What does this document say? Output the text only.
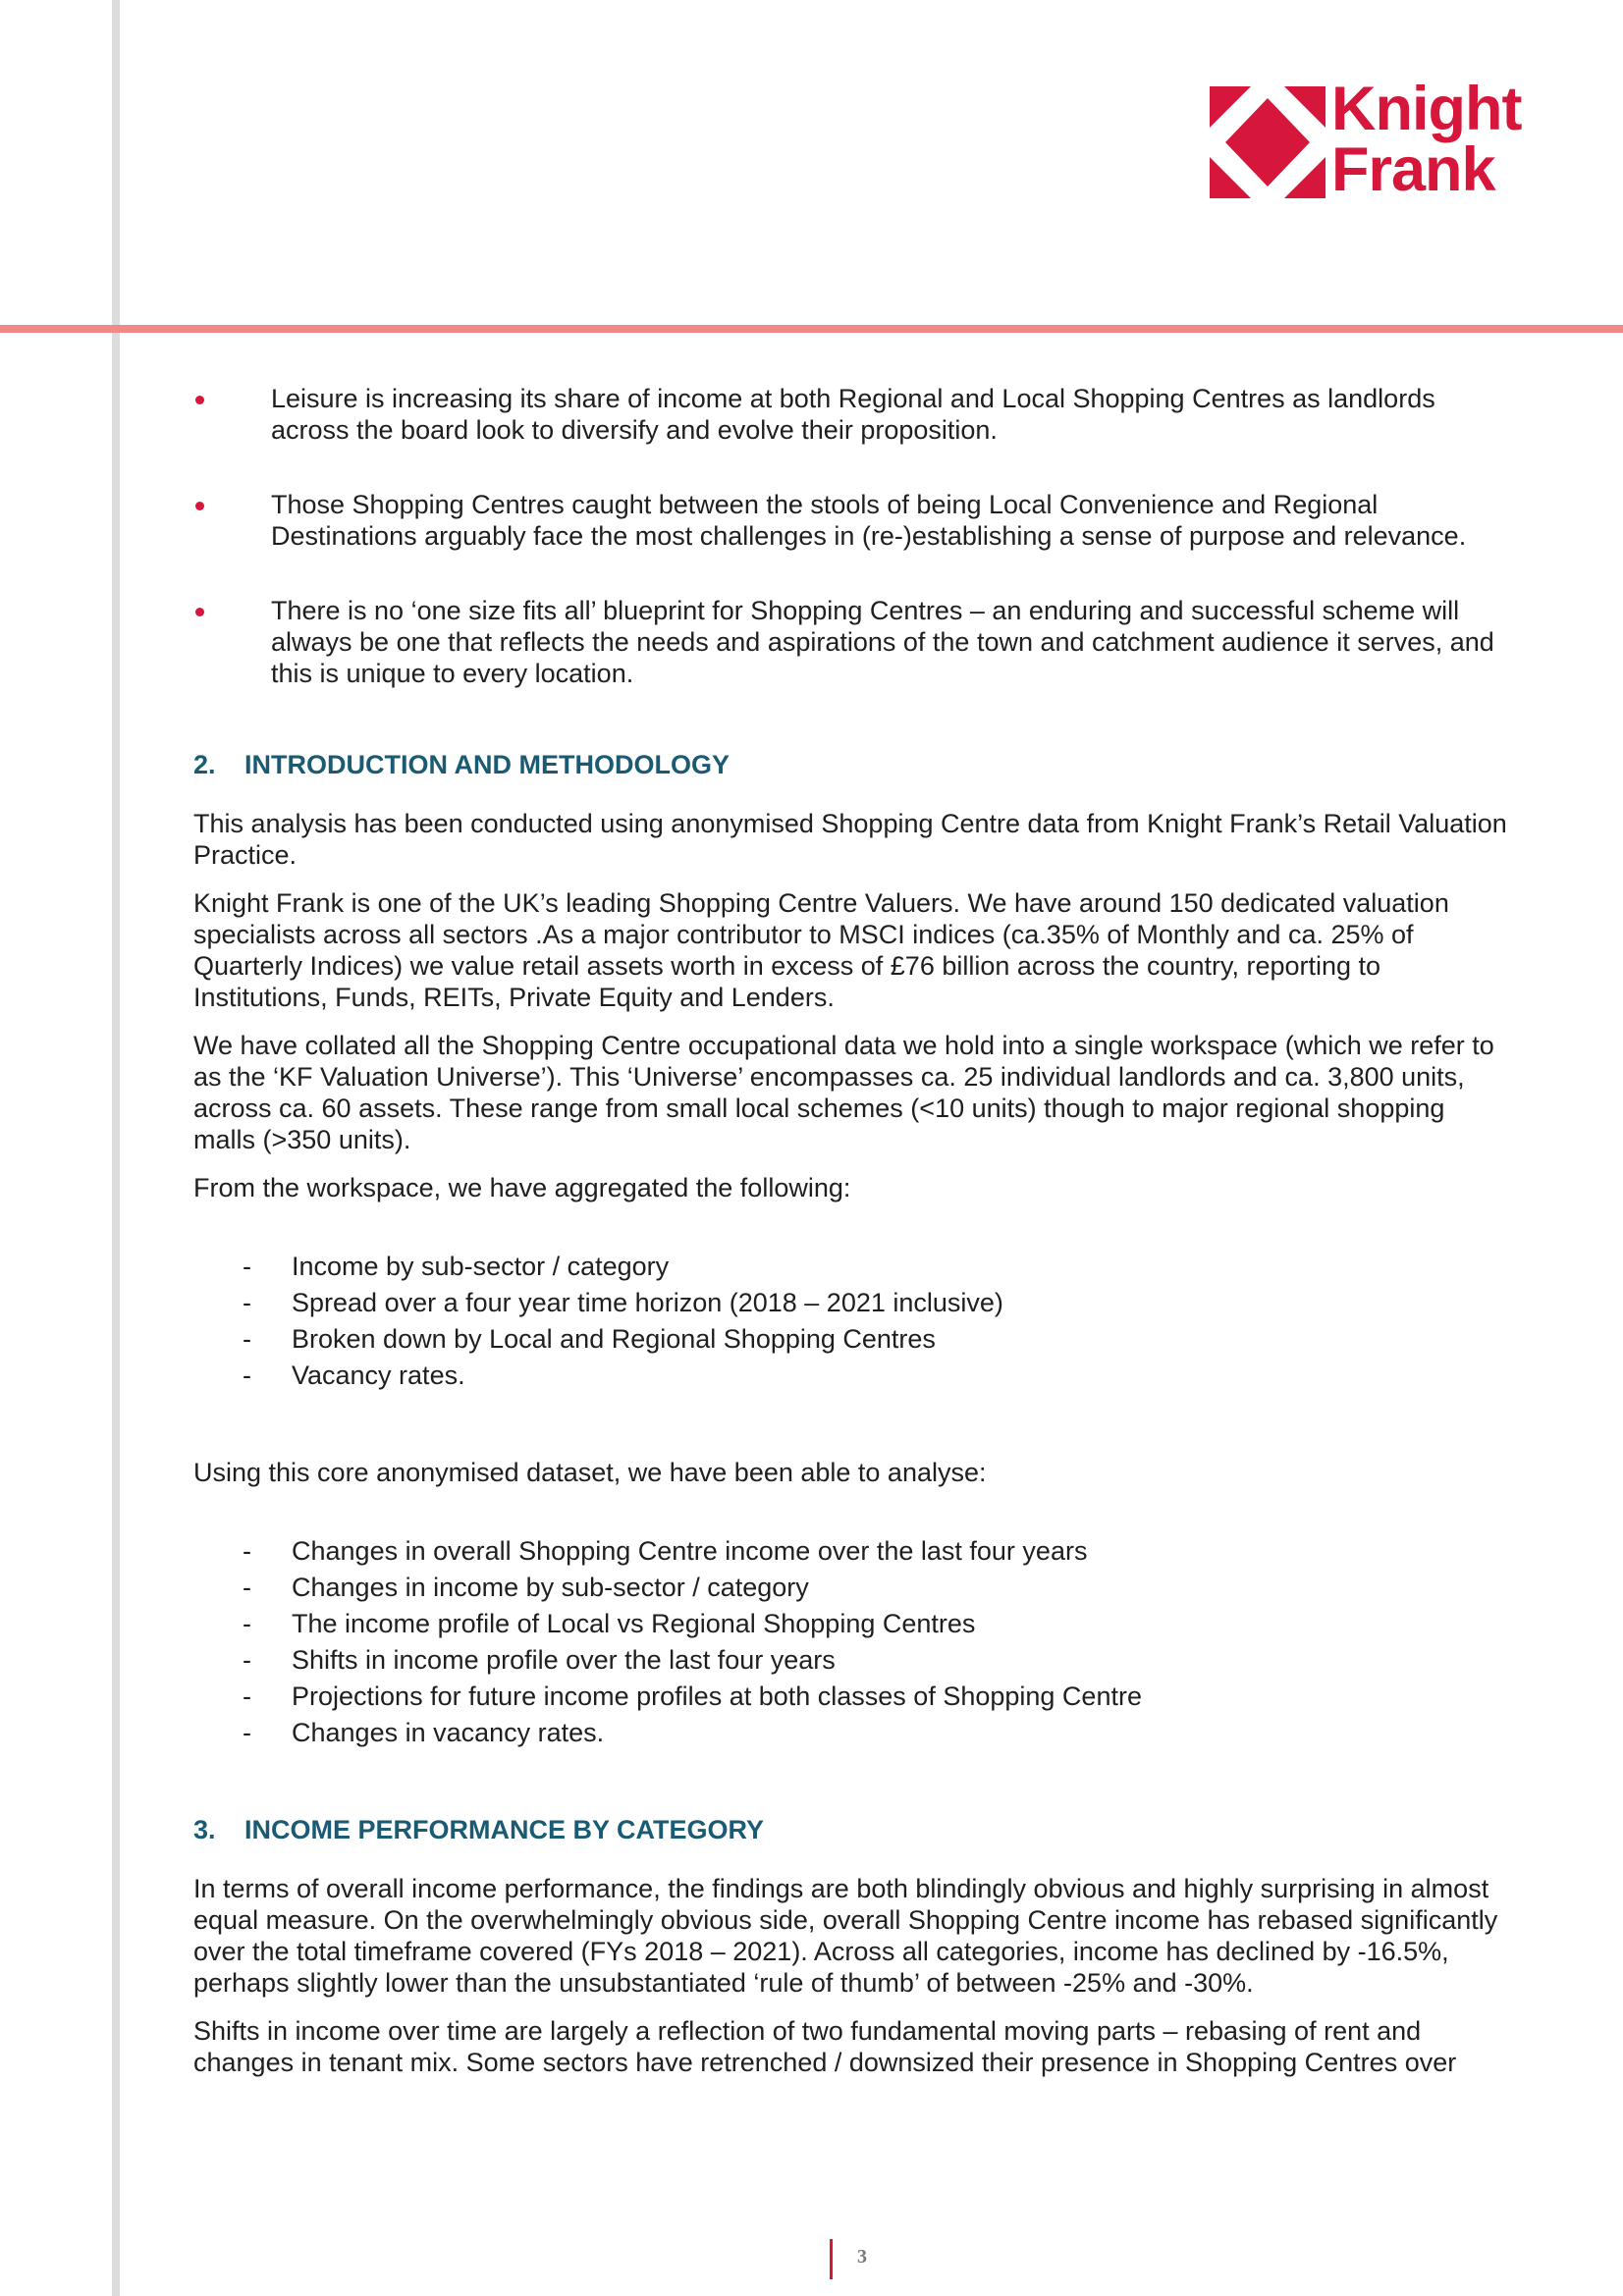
Knight
Frank
Leisure is increasing its share of income at both Regional and Local Shopping Centres as landlords across the board look to diversify and evolve their proposition.
Those Shopping Centres caught between the stools of being Local Convenience and Regional Destinations arguably face the most challenges in (re-)establishing a sense of purpose and relevance.
There is no ‘one size fits all’ blueprint for Shopping Centres – an enduring and successful scheme will always be one that reflects the needs and aspirations of the town and catchment audience it serves, and this is unique to every location.
2.	INTRODUCTION AND METHODOLOGY

This analysis has been conducted using anonymised Shopping Centre data from Knight Frank’s Retail Valuation Practice.

Knight Frank is one of the UK’s leading Shopping Centre Valuers. We have around 150 dedicated valuation specialists across all sectors .As a major contributor to MSCI indices (ca.35% of Monthly and ca. 25% of Quarterly Indices) we value retail assets worth in excess of £76 billion across the country, reporting to Institutions, Funds, REITs, Private Equity and Lenders.

We have collated all the Shopping Centre occupational data we hold into a single workspace (which we refer to as the ‘KF Valuation Universe’). This ‘Universe’ encompasses ca. 25 individual landlords and ca. 3,800 units, across ca. 60 assets. These range from small local schemes (<10 units) though to major regional shopping malls (>350 units).

From the workspace, we have aggregated the following:

- Income by sub-sector / category
- Spread over a four year time horizon (2018 – 2021 inclusive)
- Broken down by Local and Regional Shopping Centres
- Vacancy rates.

Using this core anonymised dataset, we have been able to analyse:

- Changes in overall Shopping Centre income over the last four years
- Changes in income by sub-sector / category
- The income profile of Local vs Regional Shopping Centres
- Shifts in income profile over the last four years
- Projections for future income profiles at both classes of Shopping Centre
- Changes in vacancy rates.
3.	INCOME PERFORMANCE BY CATEGORY

In terms of overall income performance, the findings are both blindingly obvious and highly surprising in almost equal measure. On the overwhelmingly obvious side, overall Shopping Centre income has rebased significantly over the total timeframe covered (FYs 2018 – 2021). Across all categories, income has declined by -16.5%, perhaps slightly lower than the unsubstantiated ‘rule of thumb’ of between -25% and -30%.

Shifts in income over time are largely a reflection of two fundamental moving parts – rebasing of rent and changes in tenant mix. Some sectors have retrenched / downsized their presence in Shopping Centres over

3
